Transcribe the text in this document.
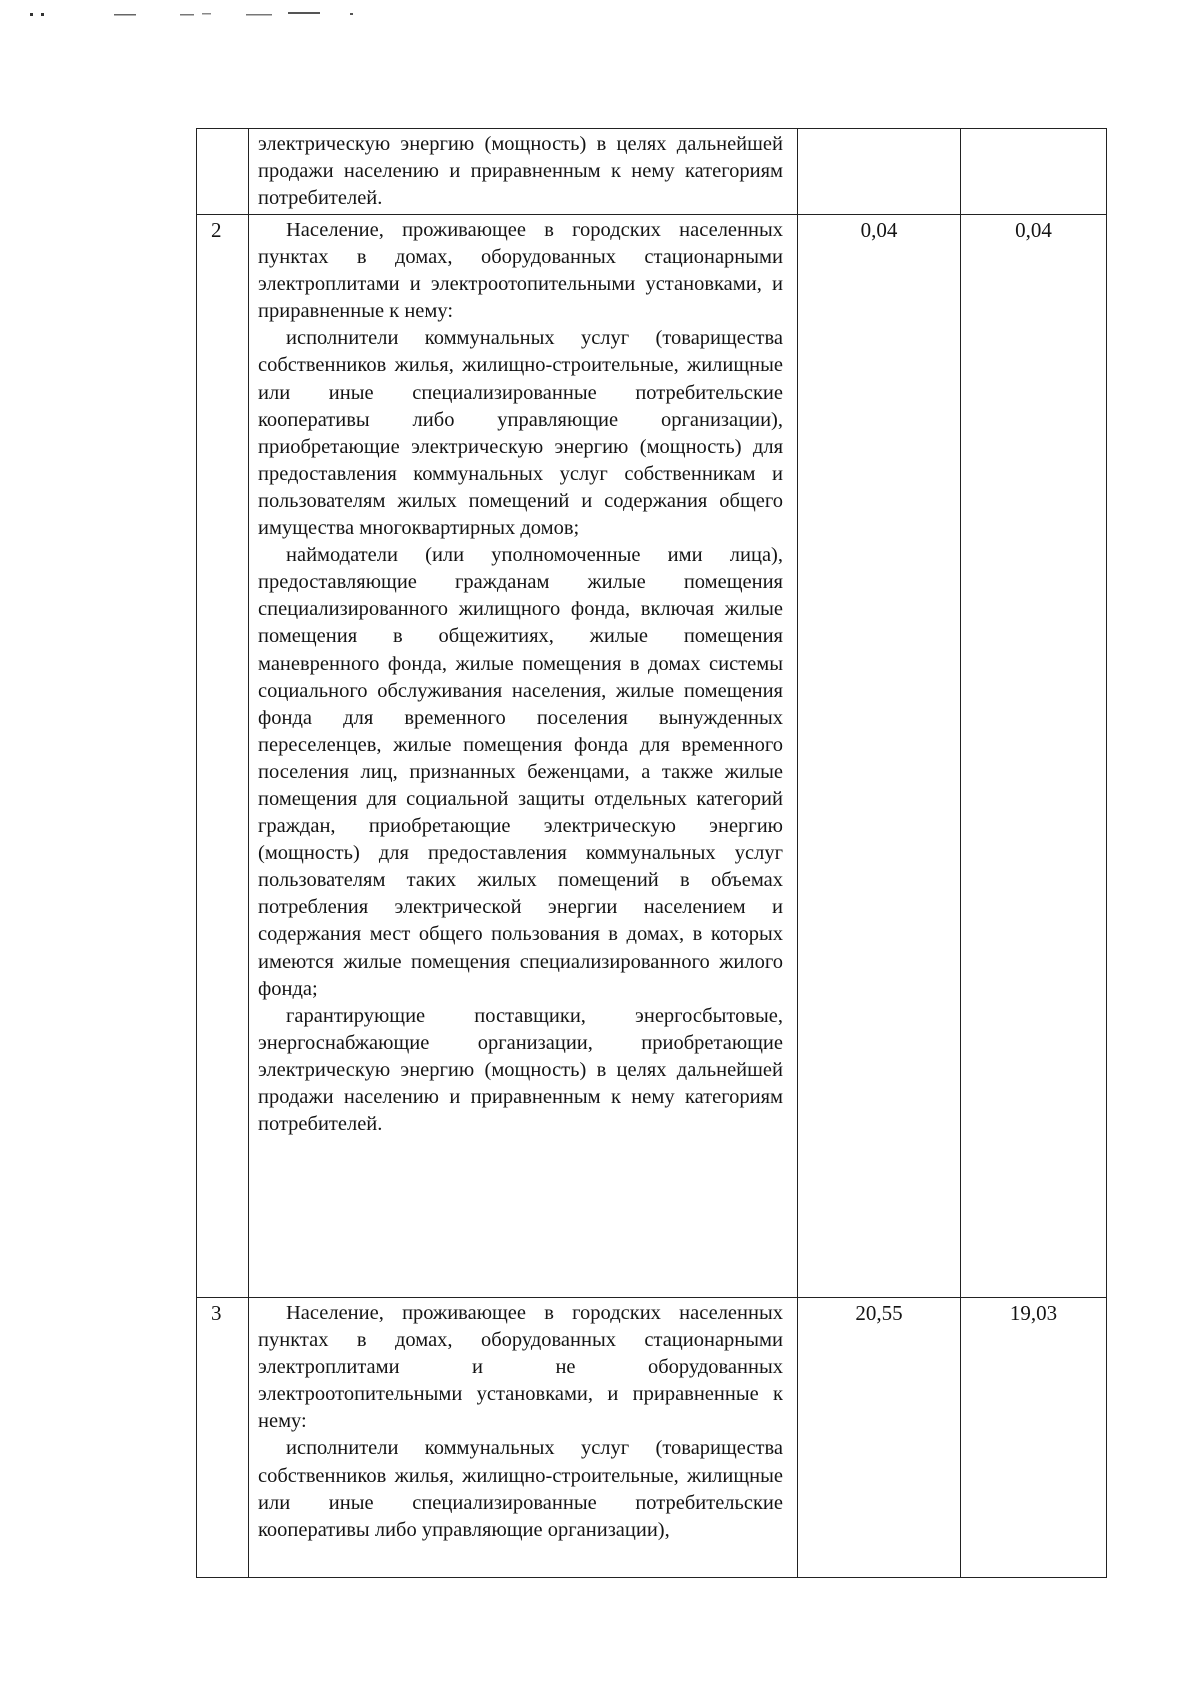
	электрическую энергию (мощность) в целях дальнейшей продажи населению и приравненным к нему категориям потребителей.		

2	Население, проживающее в городских населенных пунктах в домах, оборудованных стационарными электроплитами и электроотопительными установками, и приравненные к нему:

исполнители коммунальных услуг (товарищества собственников жилья, жилищно-строительные, жилищные или иные специализированные потребительские кооперативы либо управляющие организации), приобретающие электрическую энергию (мощность) для предоставления коммунальных услуг собственникам и пользователям жилых помещений и содержания общего имущества многоквартирных домов;

наймодатели (или уполномоченные ими лица), предоставляющие гражданам жилые помещения специализированного жилищного фонда, включая жилые помещения в общежитиях, жилые помещения маневренного фонда, жилые помещения в домах системы социального обслуживания населения, жилые помещения фонда для временного поселения вынужденных переселенцев, жилые помещения фонда для временного поселения лиц, признанных беженцами, а также жилые помещения для социальной защиты отдельных категорий граждан, приобретающие электрическую энергию (мощность) для предоставления коммунальных услуг пользователям таких жилых помещений в объемах потребления электрической энергии населением и содержания мест общего пользования в домах, в которых имеются жилые помещения специализированного жилого фонда;

гарантирующие поставщики, энергосбытовые, энергоснабжающие организации, приобретающие электрическую энергию (мощность) в целях дальнейшей продажи населению и приравненным к нему категориям потребителей.	0,04	0,04
3	Население, проживающее в городских населенных пунктах в домах, оборудованных стационарными электроплитами и не оборудованных электроотопительными установками, и приравненные к нему:

исполнители коммунальных услуг (товарищества собственников жилья, жилищно-строительные, жилищные или иные специализированные потребительские кооперативы либо управляющие организации),	20,55	19,03
